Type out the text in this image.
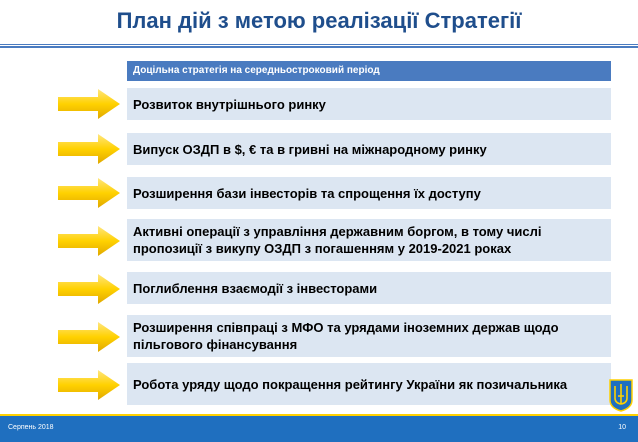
План дій з метою реалізації Стратегії
Доцільна стратегія на середньостроковий період
Розвиток внутрішнього ринку
Випуск ОЗДП в $, € та в гривні на міжнародному ринку
Розширення бази інвесторів та спрощення їх доступу
Активні операції з управління державним боргом, в тому числі пропозиції з викупу ОЗДП з погашенням у 2019-2021 роках
Поглиблення взаємодії з інвесторами
Розширення співпраці з МФО та урядами іноземних держав щодо пільгового фінансування
Робота уряду щодо покращення рейтингу України як позичальника
Серпень 2018	10
